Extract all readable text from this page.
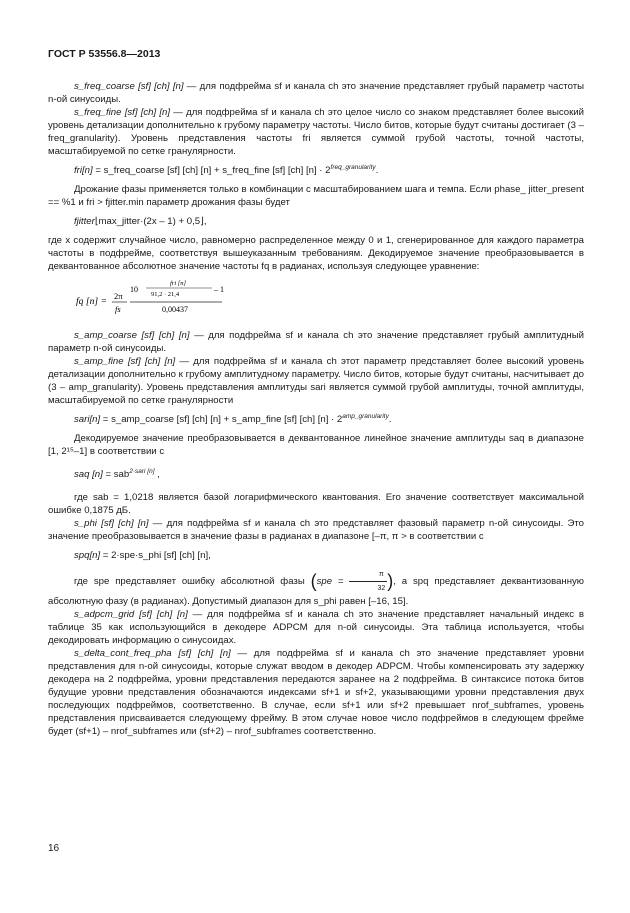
ГОСТ Р 53556.8—2013

s_freq_coarse [sf] [ch] [n] — для подфрейма sf и канала ch это значение представляет грубый параметр частоты n-ой синусоиды.

s_freq_fine [sf] [ch] [n] — для подфрейма sf и канала ch это целое число со знаком представляет более высокий уровень детализации дополнительно к грубому параметру частоты. Число битов, которые будут считаны достигает (3 – freq_granularity). Уровень представления частоты fri является суммой грубой частоты, точной частоты, масштабируемой по сетке гранулярности.

fri[n] = s_freq_coarse [sf] [ch] [n] + s_freq_fine [sf] [ch] $[n] \cdot 2^{freq\_granularity}$.

Дрожание фазы применяется только в комбинации с масштабированием шага и темпа. Если phase_ jitter_present == %1 и fri > fjitter.min параметр дрожания фазы будет

fjitter⌊max_jitter·(2x – 1) + 0,5⌋,

где x содержит случайное число, равномерно распределенное между 0 и 1, сгенерированное для каждого параметра частоты в подфрейме, соответствуя вышеуказанным требованиям. Декодируемое значение преобразовывается в деквантованное абсолютное значение частоты fq в радианах, используя следующее уравнение:

fq [n] = 2π
fs
10
fri [n]
91,2 · 21,4
– 1
0,00437

s_amp_coarse [sf] [ch] [n] — для подфрейма sf и канала ch это значение представляет грубый амплитудный параметр n-ой синусоиды.

s_amp_fine [sf] [ch] [n] — для подфрейма sf и канала ch этот параметр представляет более высокий уровень детализации дополнительно к грубому амплитудному параметру. Число битов, которые будут считаны, насчитывает до (3 – amp_granularity). Уровень представления амплитуды sari является суммой грубой амплитуды, точной амплитуды, масштабируемой по сетке гранулярности

sari[n] = s_amp_coarse [sf] [ch] [n] + s_amp_fine [sf] [ch] $[n] \cdot 2^{amp\_granularity}$.

Декодируемое значение преобразовывается в деквантованное линейное значение амплитуды saq в диапазоне [1, 2¹⁵–1] в соответствии с

saq [n] = sab$^{2\cdot sari [n]}$ ,

где sab = 1,0218 является базой логарифмического квантования. Его значение соответствует максимальной ошибке 0,1875 дБ.

s_phi [sf] [ch] [n] — для подфрейма sf и канала ch это представляет фазовый параметр n-ой синусоиды. Это значение преобразовывается в значение фазы в радианах в диапазоне [–π, π > в соответствии с

spq[n] = 2·spe·s_phi [sf] [ch] [n],

где spe представляет ошибку абсолютной фазы ($spe = \frac{\pi}{32}$ ), а spq представляет деквантизованную абсолютную фазу (в радианах). Допустимый диапазон для s_phi равен [–16, 15].

s_adpcm_grid [sf] [ch] [n] — для подфрейма sf и канала ch это значение представляет начальный индекс в таблице 35 как использующийся в декодере ADPCM для n-ой синусоиды. Эта таблица используется, чтобы декодировать информацию о синусоидах.

s_delta_cont_freq_pha [sf] [ch] [n] — для подфрейма sf и канала ch это значение представляет уровни представления для n-ой синусоиды, которые служат вводом в декодер ADPCM. Чтобы компенсировать эту задержку декодера на 2 подфрейма, уровни представления передаются заранее на 2 подфрейма. В синтаксисе потока битов будущие уровни представления обозначаются индексами sf+1 и sf+2, указывающими уровни представления двух последующих подфреймов, соответственно. В случае, если sf+1 или sf+2 превышает nrof_subframes, уровень представления присваивается следующему фрейму. В этом случае новое число подфреймов в следующем фрейме будет (sf+1) – nrof_subframes или (sf+2) – nrof_subframes соответственно.

16
